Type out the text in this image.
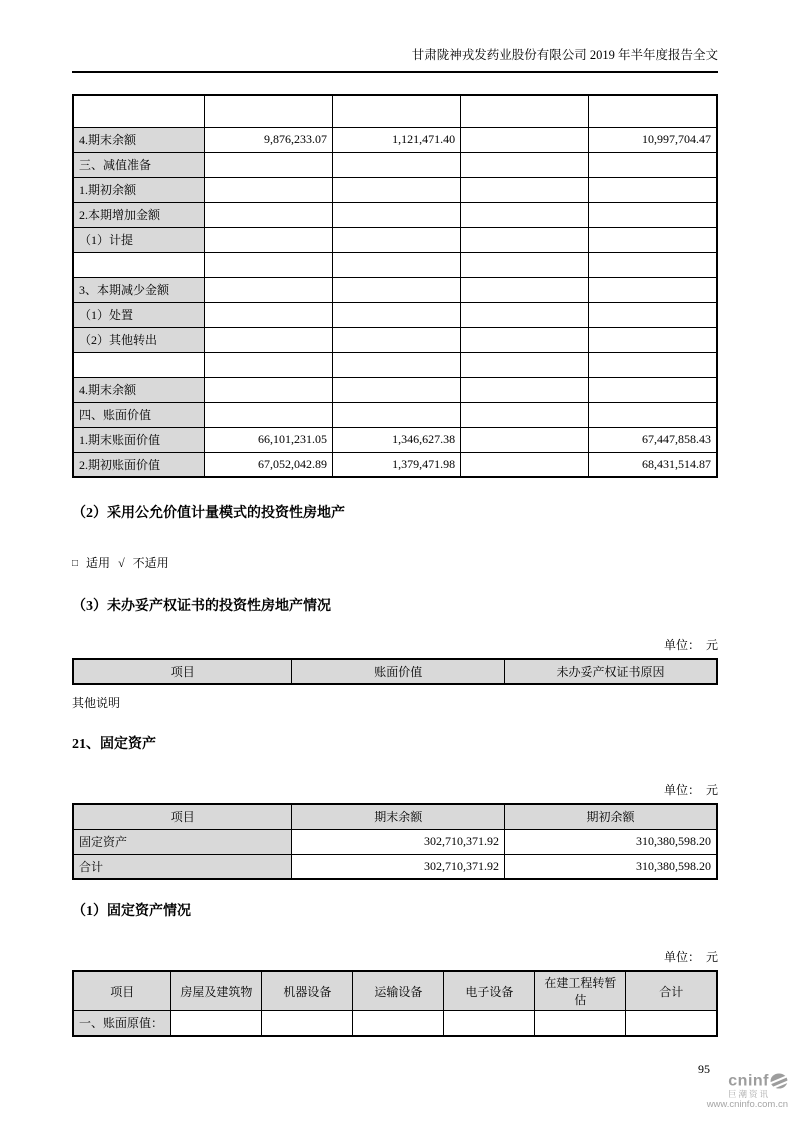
甘肃陇神戎发药业股份有限公司 2019 年半年度报告全文

4.期末余额	9,876,233.07	1,121,471.40		10,997,704.47
三、减值准备				
1.期初余额				
2.本期增加金额				
（1）计提				

3、本期减少金额				
（1）处置				
（2）其他转出				

4.期末余额				
四、账面价值				
1.期末账面价值	66,101,231.05	1,346,627.38		67,447,858.43
2.期初账面价值	67,052,042.89	1,379,471.98		68,431,514.87
（2）采用公允价值计量模式的投资性房地产
□ 适用 √ 不适用
（3）未办妥产权证书的投资性房地产情况
单位：　元
项目	账面价值	未办妥产权证书原因
其他说明
21、固定资产
单位：　元
项目	期末余额	期初余额
固定资产	302,710,371.92	310,380,598.20
合计	302,710,371.92	310,380,598.20
（1）固定资产情况
单位：　元
项目	房屋及建筑物	机器设备	运输设备	电子设备	在建工程转暂估	合计
一、账面原值：						
95
cninf
巨潮资讯
www.cninfo.com.cn
